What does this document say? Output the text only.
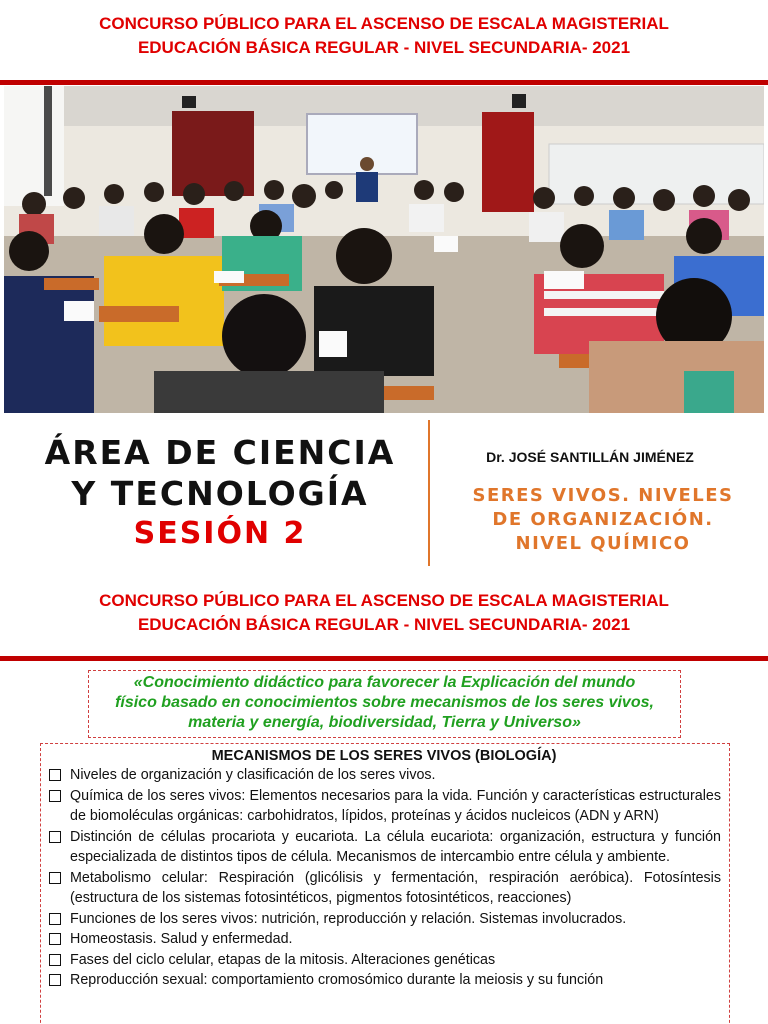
CONCURSO PÚBLICO PARA EL ASCENSO DE ESCALA MAGISTERIAL
EDUCACIÓN BÁSICA REGULAR - NIVEL SECUNDARIA- 2021
ÁREA DE CIENCIA
Y TECNOLOGÍA
SESIÓN 2
Dr. JOSÉ SANTILLÁN JIMÉNEZ
SERES VIVOS. NIVELES
DE ORGANIZACIÓN.
NIVEL QUÍMICO
CONCURSO PÚBLICO PARA EL ASCENSO DE ESCALA MAGISTERIAL
EDUCACIÓN BÁSICA REGULAR - NIVEL SECUNDARIA- 2021
«Conocimiento didáctico para favorecer la Explicación del mundo
físico basado en conocimientos sobre mecanismos de los seres vivos,
materia y energía, biodiversidad, Tierra y Universo»
MECANISMOS DE LOS SERES VIVOS (BIOLOGÍA)
Niveles de organización y clasificación de los seres vivos.
Química de los seres vivos: Elementos necesarios para la vida. Función y características estructurales de biomoléculas orgánicas: carbohidratos, lípidos, proteínas y ácidos nucleicos (ADN y ARN)
Distinción de células procariota y eucariota. La célula eucariota: organización, estructura y función especializada de distintos tipos de célula. Mecanismos de intercambio entre célula y ambiente.
Metabolismo celular: Respiración (glicólisis y fermentación, respiración aeróbica). Fotosíntesis (estructura de los sistemas fotosintéticos, pigmentos fotosintéticos, reacciones)
Funciones de los seres vivos: nutrición, reproducción y relación. Sistemas involucrados.
Homeostasis. Salud y enfermedad.
Fases del ciclo celular, etapas de la mitosis. Alteraciones genéticas
Reproducción sexual: comportamiento cromosómico durante la meiosis y su función
